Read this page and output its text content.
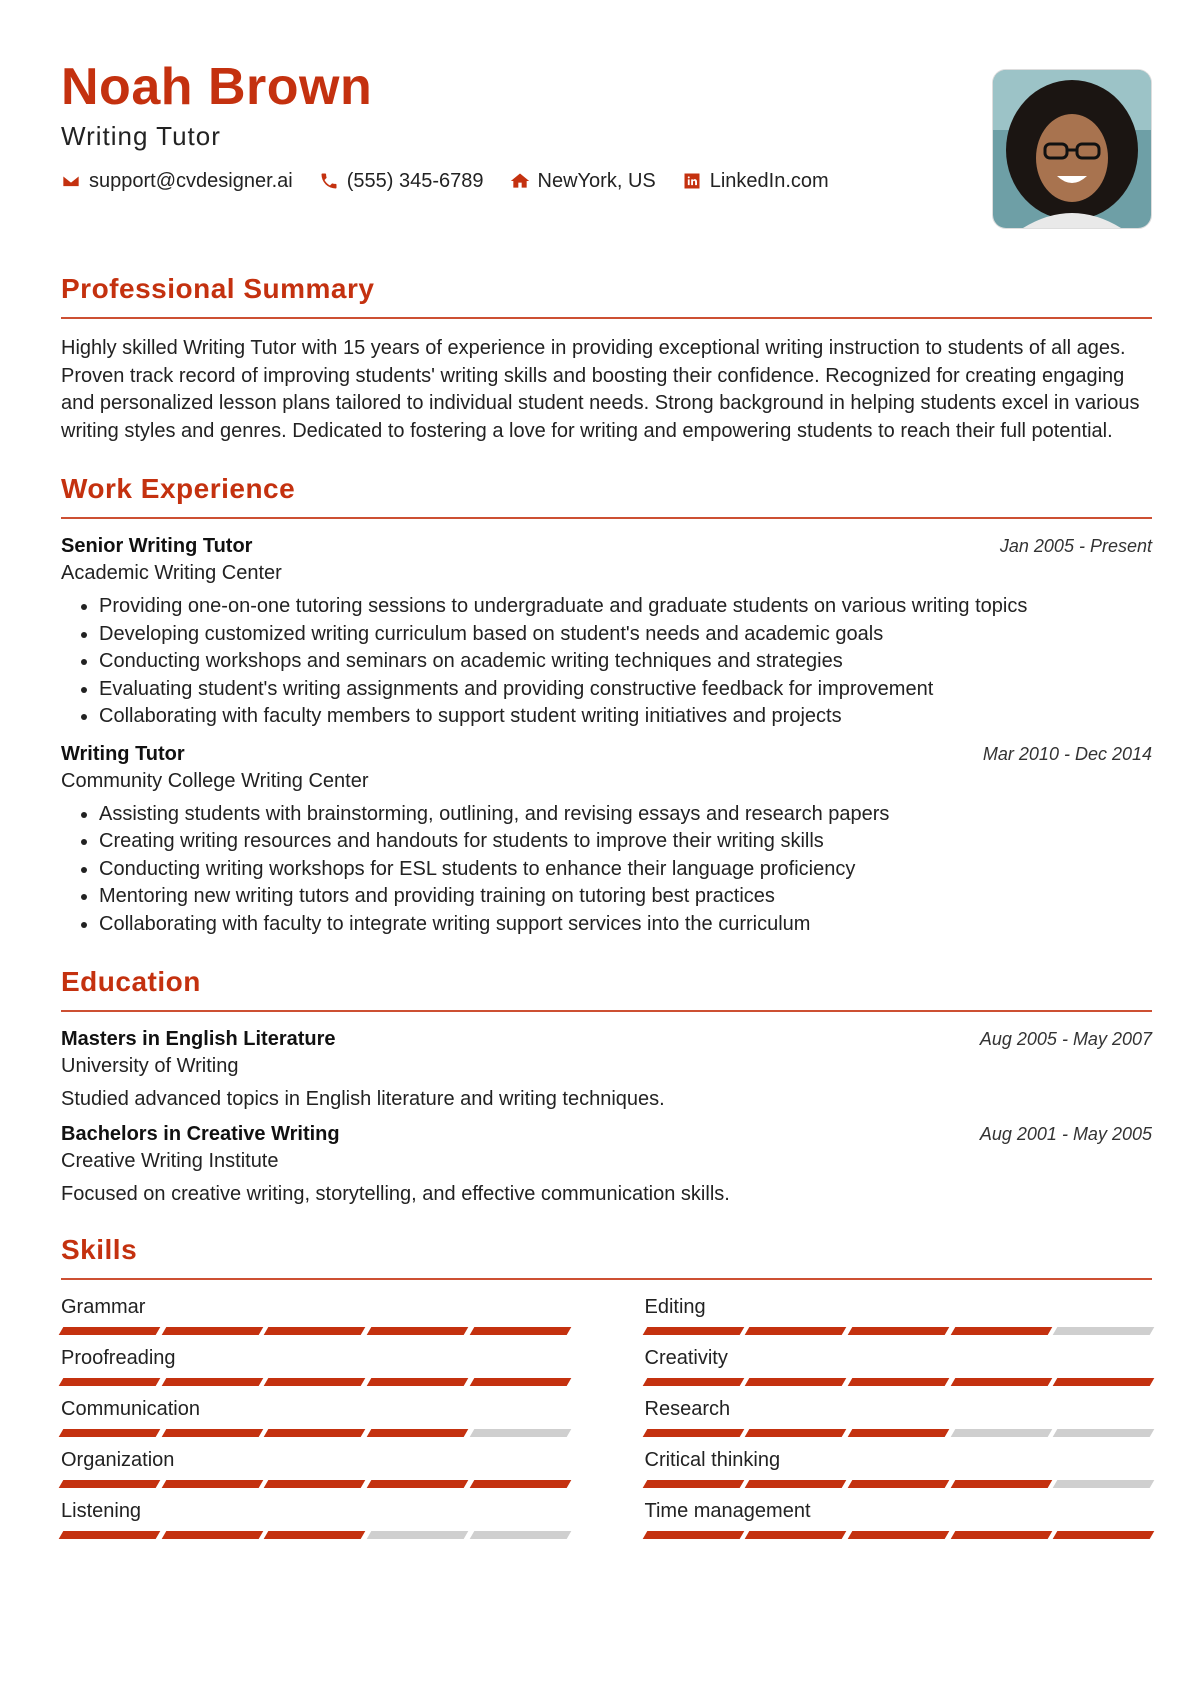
Noah Brown
Writing Tutor
support@cvdesigner.ai	(555) 345-6789	NewYork, US	LinkedIn.com
Professional Summary

Highly skilled Writing Tutor with 15 years of experience in providing exceptional writing instruction to students of all ages. Proven track record of improving students' writing skills and boosting their confidence. Recognized for creating engaging and personalized lesson plans tailored to individual student needs. Strong background in helping students excel in various writing styles and genres. Dedicated to fostering a love for writing and empowering students to reach their full potential.

Work Experience
Senior Writing Tutor	Jan 2005 - Present
Academic Writing Center
• Providing one-on-one tutoring sessions to undergraduate and graduate students on various writing topics
• Developing customized writing curriculum based on student's needs and academic goals
• Conducting workshops and seminars on academic writing techniques and strategies
• Evaluating student's writing assignments and providing constructive feedback for improvement
• Collaborating with faculty members to support student writing initiatives and projects
Writing Tutor	Mar 2010 - Dec 2014
Community College Writing Center
• Assisting students with brainstorming, outlining, and revising essays and research papers
• Creating writing resources and handouts for students to improve their writing skills
• Conducting writing workshops for ESL students to enhance their language proficiency
• Mentoring new writing tutors and providing training on tutoring best practices
• Collaborating with faculty to integrate writing support services into the curriculum
Education
Masters in English Literature	Aug 2005 - May 2007
University of Writing
Studied advanced topics in English literature and writing techniques.
Bachelors in Creative Writing	Aug 2001 - May 2005
Creative Writing Institute
Focused on creative writing, storytelling, and effective communication skills.
Skills
Grammar	Editing
Proofreading	Creativity
Communication	Research
Organization	Critical thinking
Listening	Time management
